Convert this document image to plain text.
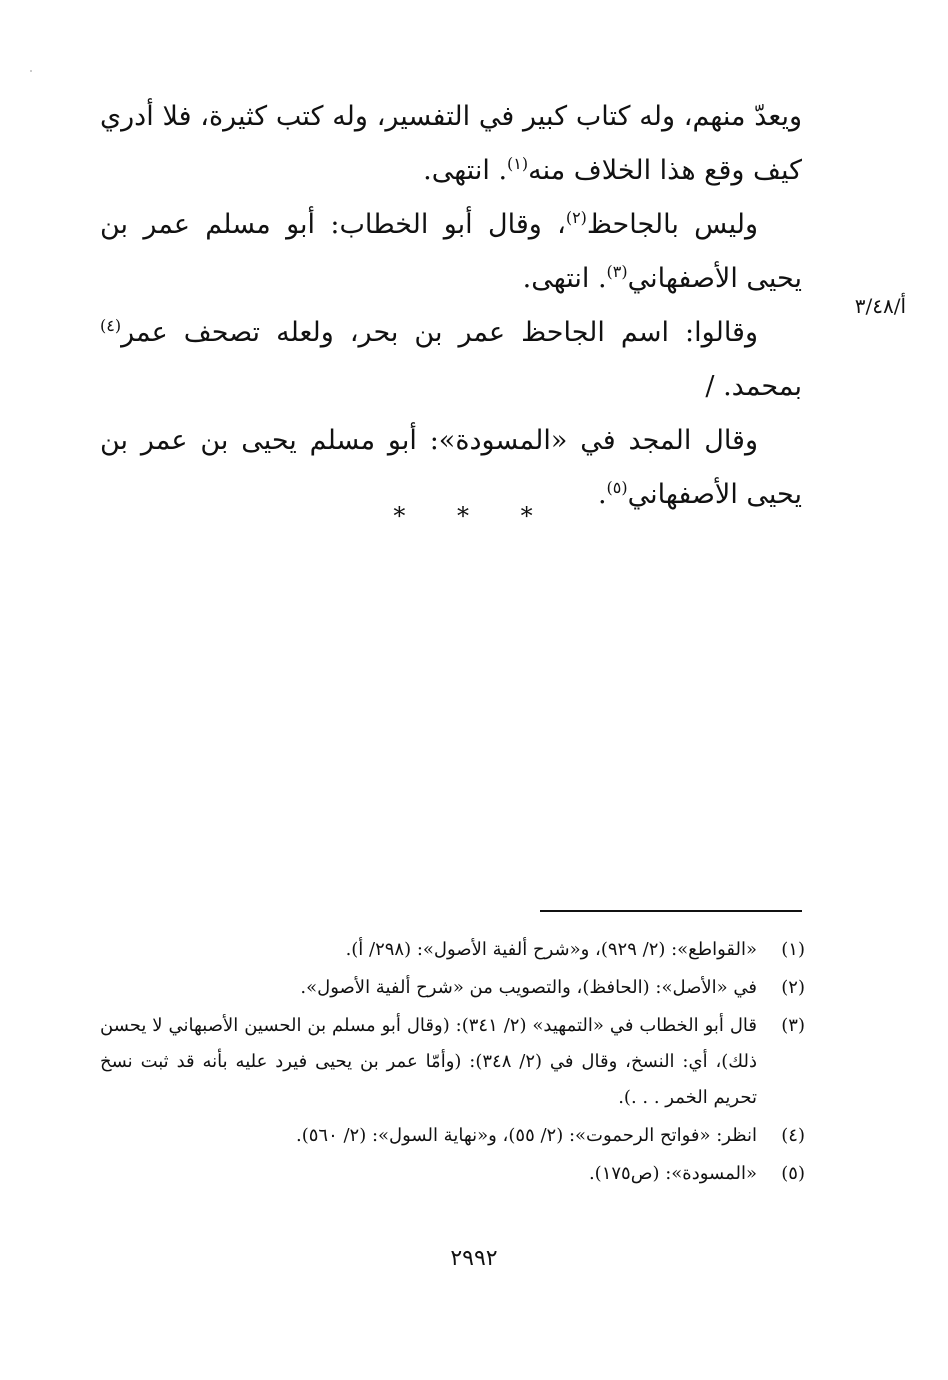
ويعدّ منهم، وله كتاب كبير في التفسير، وله كتب كثيرة، فلا أدري كيف وقع هذا الخلاف منه$^{(١)}$. انتهى.

وليس بالجاحظ$^{(٢)}$، وقال أبو الخطاب: أبو مسلم عمر بن يحيى الأصفهاني$^{(٣)}$. انتهى.

وقالوا: اسم الجاحظ عمر بن بحر، ولعله تصحف عمر$^{(٤)}$ بمحمد. /

وقال المجد في «المسودة»: أبو مسلم يحيى بن عمر بن يحيى الأصفهاني$^{(٥)}$.

أ/٣/٤٨
* * *
(١)
«القواطع»: (٢/ ٩٢٩)، و«شرح ألفية الأصول»: (٢٩٨/ أ).
(٢)
في «الأصل»: (الحافظ)، والتصويب من «شرح ألفية الأصول».
(٣)
قال أبو الخطاب في «التمهيد» (٢/ ٣٤١): (وقال أبو مسلم بن الحسين الأصبهاني لا يحسن ذلك)، أي: النسخ، وقال في (٢/ ٣٤٨): (وأمّا عمر بن يحيى فيرد عليه بأنه قد ثبت نسخ تحريم الخمر . . .).
(٤)
انظر: «فواتح الرحموت»: (٢/ ٥٥)، و«نهاية السول»: (٢/ ٥٦٠).
(٥)
«المسودة»: (ص١٧٥).
٢٩٩٢
